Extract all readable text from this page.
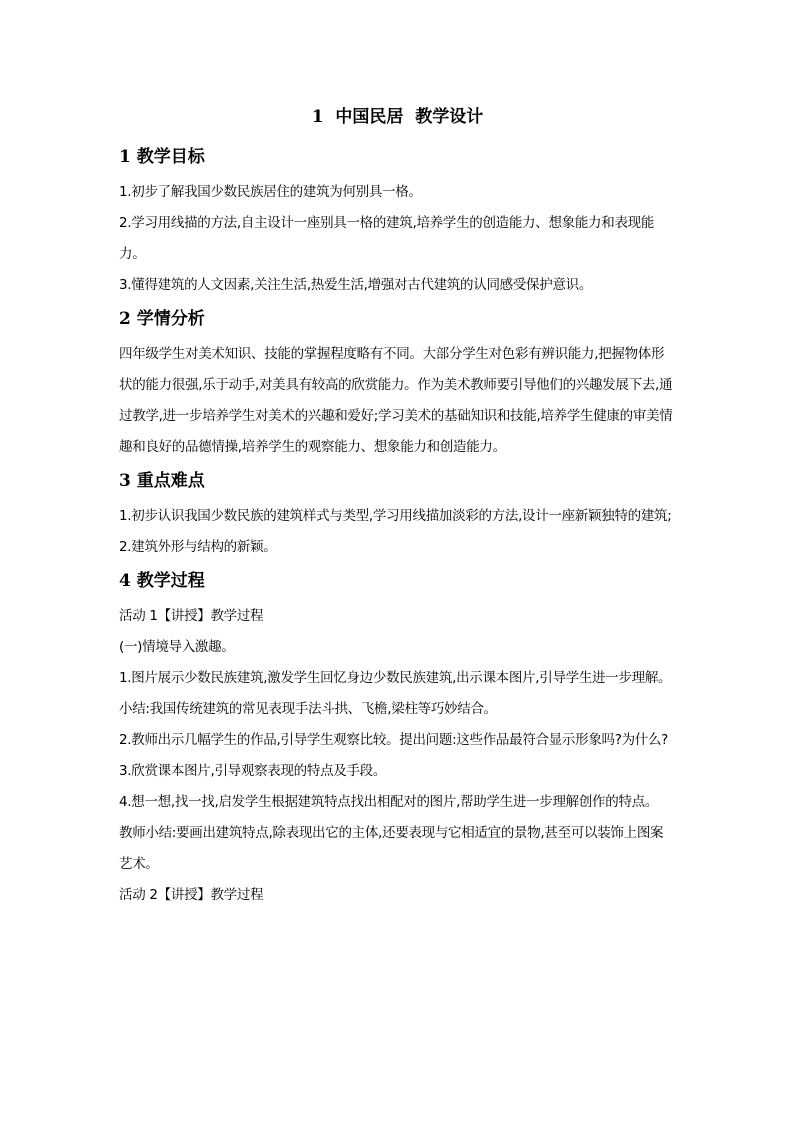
1  中国民居  教学设计
1 教学目标

1.初步了解我国少数民族居住的建筑为何别具一格。

2.学习用线描的方法,自主设计一座别具一格的建筑,培养学生的创造能力、想象能力和表现能力。

3.懂得建筑的人文因素,关注生活,热爱生活,增强对古代建筑的认同感受保护意识。

2 学情分析

四年级学生对美术知识、技能的掌握程度略有不同。大部分学生对色彩有辨识能力,把握物体形状的能力很强,乐于动手,对美具有较高的欣赏能力。作为美术教师要引导他们的兴趣发展下去,通过教学,进一步培养学生对美术的兴趣和爱好;学习美术的基础知识和技能,培养学生健康的审美情趣和良好的品德情操,培养学生的观察能力、想象能力和创造能力。

3 重点难点

1.初步认识我国少数民族的建筑样式与类型,学习用线描加淡彩的方法,设计一座新颖独特的建筑;

2.建筑外形与结构的新颖。

4 教学过程

活动 1【讲授】教学过程

(一)情境导入激趣。

1.图片展示少数民族建筑,激发学生回忆身边少数民族建筑,出示课本图片,引导学生进一步理解。

小结:我国传统建筑的常见表现手法斗拱、飞檐,梁柱等巧妙结合。

2.教师出示几幅学生的作品,引导学生观察比较。提出问题:这些作品最符合显示形象吗?为什么?

3.欣赏课本图片,引导观察表现的特点及手段。

4.想一想,找一找,启发学生根据建筑特点找出相配对的图片,帮助学生进一步理解创作的特点。

教师小结:要画出建筑特点,除表现出它的主体,还要表现与它相适宜的景物,甚至可以装饰上图案艺术。

活动 2【讲授】教学过程
